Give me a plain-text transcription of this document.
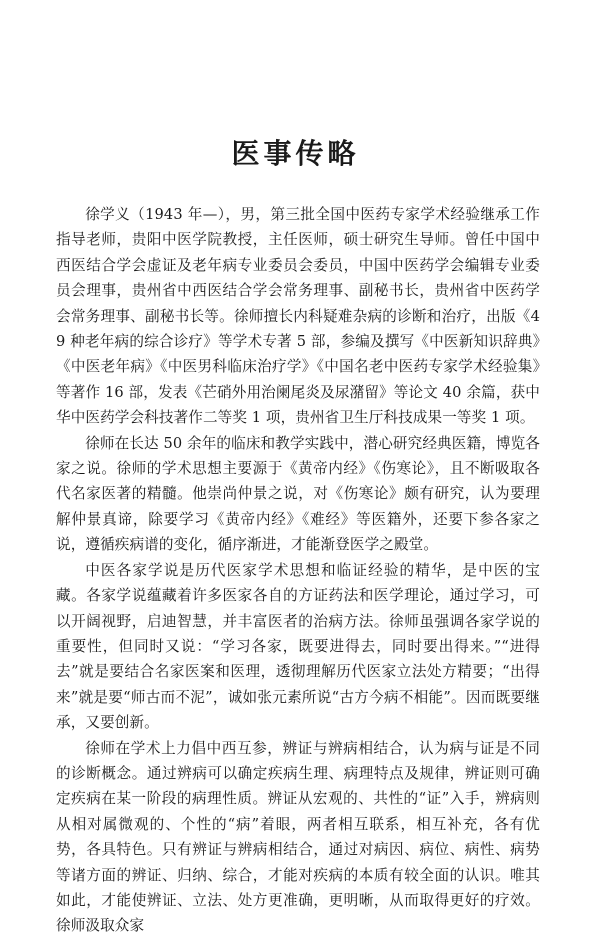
医事传略

徐学义（1943 年—），男，第三批全国中医药专家学术经验继承工作指导老师，贵阳中医学院教授，主任医师，硕士研究生导师。曾任中国中西医结合学会虚证及老年病专业委员会委员，中国中医药学会编辑专业委员会理事，贵州省中西医结合学会常务理事、副秘书长，贵州省中医药学会常务理事、副秘书长等。徐师擅长内科疑难杂病的诊断和治疗，出版《49 种老年病的综合诊疗》等学术专著 5 部，参编及撰写《中医新知识辞典》《中医老年病》《中医男科临床治疗学》《中国名老中医药专家学术经验集》等著作 16 部，发表《芒硝外用治阑尾炎及尿潴留》等论文 40 余篇，获中华中医药学会科技著作二等奖 1 项，贵州省卫生厅科技成果一等奖 1 项。

徐师在长达 50 余年的临床和教学实践中，潜心研究经典医籍，博览各家之说。徐师的学术思想主要源于《黄帝内经》《伤寒论》，且不断吸取各代名家医著的精髓。他崇尚仲景之说，对《伤寒论》颇有研究，认为要理解仲景真谛，除要学习《黄帝内经》《难经》等医籍外，还要下参各家之说，遵循疾病谱的变化，循序渐进，才能渐登医学之殿堂。

中医各家学说是历代医家学术思想和临证经验的精华，是中医的宝藏。各家学说蕴藏着许多医家各自的方证药法和医学理论，通过学习，可以开阔视野，启迪智慧，并丰富医者的治病方法。徐师虽强调各家学说的重要性，但同时又说：“学习各家，既要进得去，同时要出得来。”“进得去”就是要结合名家医案和医理，透彻理解历代医家立法处方精要；“出得来”就是要“师古而不泥”，诚如张元素所说“古方今病不相能”。因而既要继承，又要创新。

徐师在学术上力倡中西互参，辨证与辨病相结合，认为病与证是不同的诊断概念。通过辨病可以确定疾病生理、病理特点及规律，辨证则可确定疾病在某一阶段的病理性质。辨证从宏观的、共性的“证”入手，辨病则从相对属微观的、个性的“病”着眼，两者相互联系，相互补充，各有优势，各具特色。只有辨证与辨病相结合，通过对病因、病位、病性、病势等诸方面的辨证、归纳、综合，才能对疾病的本质有较全面的认识。唯其如此，才能使辨证、立法、处方更准确，更明晰，从而取得更好的疗效。徐师汲取众家
